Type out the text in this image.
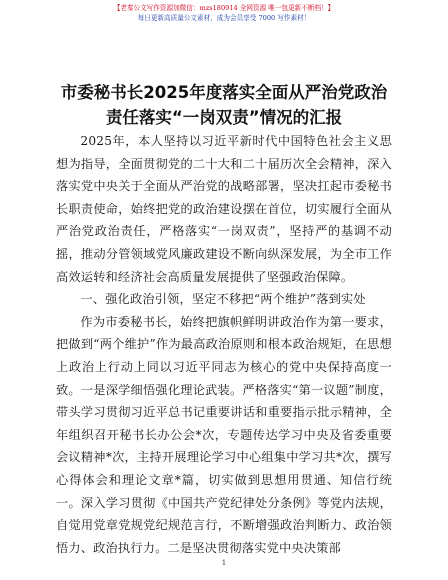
【老秦公文写作资源加微信：mzs180914 全网资源 唯一包更新不断档！】
每日更新高质量公文素材，成为会员享受 7000 写作素材！
市委秘书长2025年度落实全面从严治党政治责任落实“一岗双责”情况的汇报

2025年，本人坚持以习近平新时代中国特色社会主义思想为指导，全面贯彻党的二十大和二十届历次全会精神，深入落实党中央关于全面从严治党的战略部署，坚决扛起市委秘书长职责使命，始终把党的政治建设摆在首位，切实履行全面从严治党政治责任，严格落实“一岗双责”，坚持严的基调不动摇，推动分管领域党风廉政建设不断向纵深发展，为全市工作高效运转和经济社会高质量发展提供了坚强政治保障。

一、强化政治引领，坚定不移把“两个维护”落到实处

作为市委秘书长，始终把旗帜鲜明讲政治作为第一要求，把做到“两个维护”作为最高政治原则和根本政治规矩，在思想上政治上行动上同以习近平同志为核心的党中央保持高度一致。一是深学细悟强化理论武装。严格落实“第一议题”制度，带头学习贯彻习近平总书记重要讲话和重要指示批示精神，全年组织召开秘书长办公会*次，专题传达学习中央及省委重要会议精神*次，主持开展理论学习中心组集中学习共*次，撰写心得体会和理论文章*篇，切实做到思想用贯通、知信行统一。深入学习贯彻《中国共产党纪律处分条例》等党内法规，自觉用党章党规党纪规范言行，不断增强政治判断力、政治领悟力、政治执行力。二是坚决贯彻落实党中央决策部

1
